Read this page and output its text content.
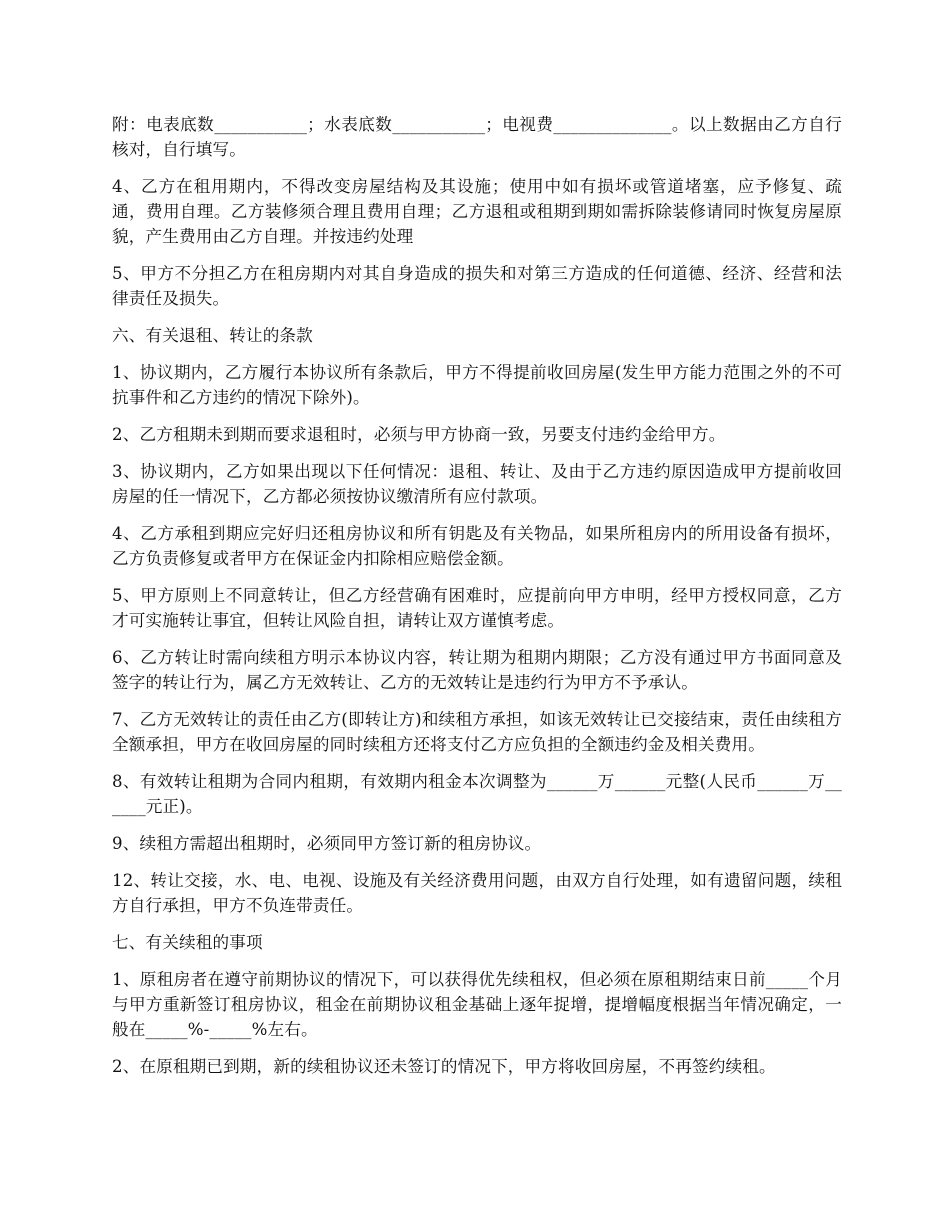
附：电表底数___________；水表底数___________；电视费______________。以上数据由乙方自行核对，自行填写。

4、乙方在租用期内，不得改变房屋结构及其设施；使用中如有损坏或管道堵塞，应予修复、疏通，费用自理。乙方装修须合理且费用自理；乙方退租或租期到期如需拆除装修请同时恢复房屋原貌，产生费用由乙方自理。并按违约处理

5、甲方不分担乙方在租房期内对其自身造成的损失和对第三方造成的任何道德、经济、经营和法律责任及损失。

六、有关退租、转让的条款

1、协议期内，乙方履行本协议所有条款后，甲方不得提前收回房屋(发生甲方能力范围之外的不可抗事件和乙方违约的情况下除外)。

2、乙方租期未到期而要求退租时，必须与甲方协商一致，另要支付违约金给甲方。

3、协议期内，乙方如果出现以下任何情况：退租、转让、及由于乙方违约原因造成甲方提前收回房屋的任一情况下，乙方都必须按协议缴清所有应付款项。

4、乙方承租到期应完好归还租房协议和所有钥匙及有关物品，如果所租房内的所用设备有损坏，乙方负责修复或者甲方在保证金内扣除相应赔偿金额。

5、甲方原则上不同意转让，但乙方经营确有困难时，应提前向甲方申明，经甲方授权同意，乙方才可实施转让事宜，但转让风险自担，请转让双方谨慎考虑。

6、乙方转让时需向续租方明示本协议内容，转让期为租期内期限；乙方没有通过甲方书面同意及签字的转让行为，属乙方无效转让、乙方的无效转让是违约行为甲方不予承认。

7、乙方无效转让的责任由乙方(即转让方)和续租方承担，如该无效转让已交接结束，责任由续租方全额承担，甲方在收回房屋的同时续租方还将支付乙方应负担的全额违约金及相关费用。

8、有效转让租期为合同内租期，有效期内租金本次调整为______万______元整(人民币______万______元正)。

9、续租方需超出租期时，必须同甲方签订新的租房协议。

12、转让交接，水、电、电视、设施及有关经济费用问题，由双方自行处理，如有遗留问题，续租方自行承担，甲方不负连带责任。

七、有关续租的事项

1、原租房者在遵守前期协议的情况下，可以获得优先续租权，但必须在原租期结束日前_____个月与甲方重新签订租房协议，租金在前期协议租金基础上逐年捉增，提增幅度根据当年情况确定，一般在_____%-_____%左右。

2、在原租期已到期，新的续租协议还未签订的情况下，甲方将收回房屋，不再签约续租。
